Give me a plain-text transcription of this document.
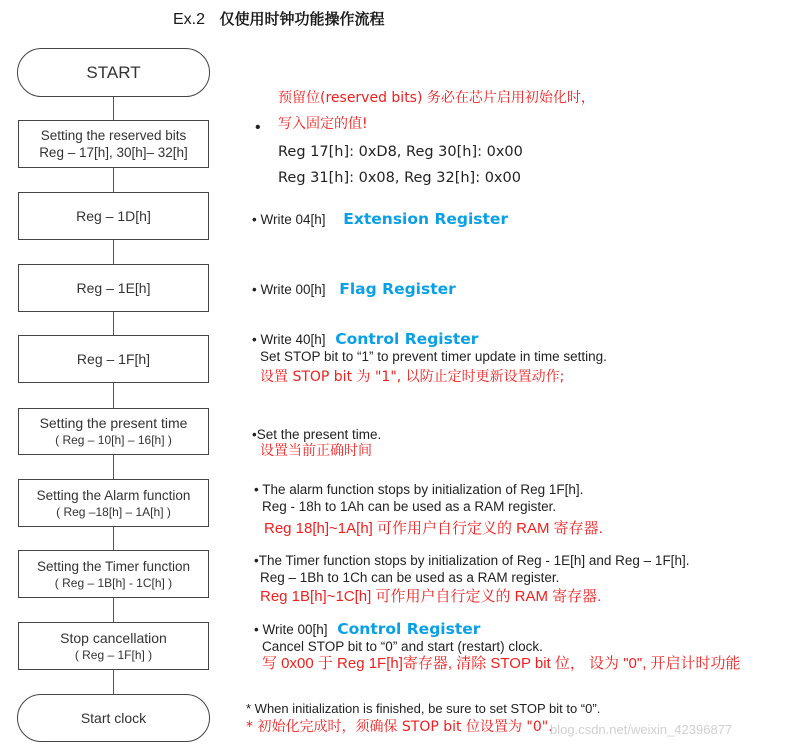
Ex.2 仅使用时钟功能操作流程
START
Setting the reserved bits
Reg – 17[h], 30[h]– 32[h]
Reg – 1D[h]
Reg – 1E[h]
Reg – 1F[h]
Setting the present time
( Reg – 10[h] – 16[h] )
Setting the Alarm function
( Reg –18[h] – 1A[h] )
Setting the Timer function
( Reg – 1B[h] - 1C[h] )
Stop cancellation
( Reg – 1F[h] )
Start clock
•
预留位(reserved bits) 务必在芯片启用初始化时，
写入固定的值!
Reg 17[h]: 0xD8, Reg 30[h]: 0x00
Reg 31[h]: 0x08, Reg 32[h]: 0x00
• Write 04[h] Extension Register
• Write 00[h] Flag Register
• Write 40[h] Control Register
Set STOP bit to “1” to prevent timer update in time setting.
设置 STOP bit 为 "1", 以防止定时更新设置动作;
•Set the present time.
设置当前正确时间
• The alarm function stops by initialization of Reg 1F[h].
Reg - 18h to 1Ah can be used as a RAM register.
Reg 18[h]~1A[h] 可作用户自行定义的 RAM 寄存器.
•The Timer function stops by initialization of Reg - 1E[h] and Reg – 1F[h].
Reg – 1Bh to 1Ch can be used as a RAM register.
Reg 1B[h]~1C[h] 可作用户自行定义的 RAM 寄存器.
• Write 00[h] Control Register
Cancel STOP bit to “0” and start (restart) clock.
写 0x00 于 Reg 1F[h]寄存器, 清除 STOP bit 位， 设为 "0", 开启计时功能
* When initialization is finished, be sure to set STOP bit to “0”.
* 初始化完成时，须确保 STOP bit 位设置为 "0".
blog.csdn.net/weixin_42396877
